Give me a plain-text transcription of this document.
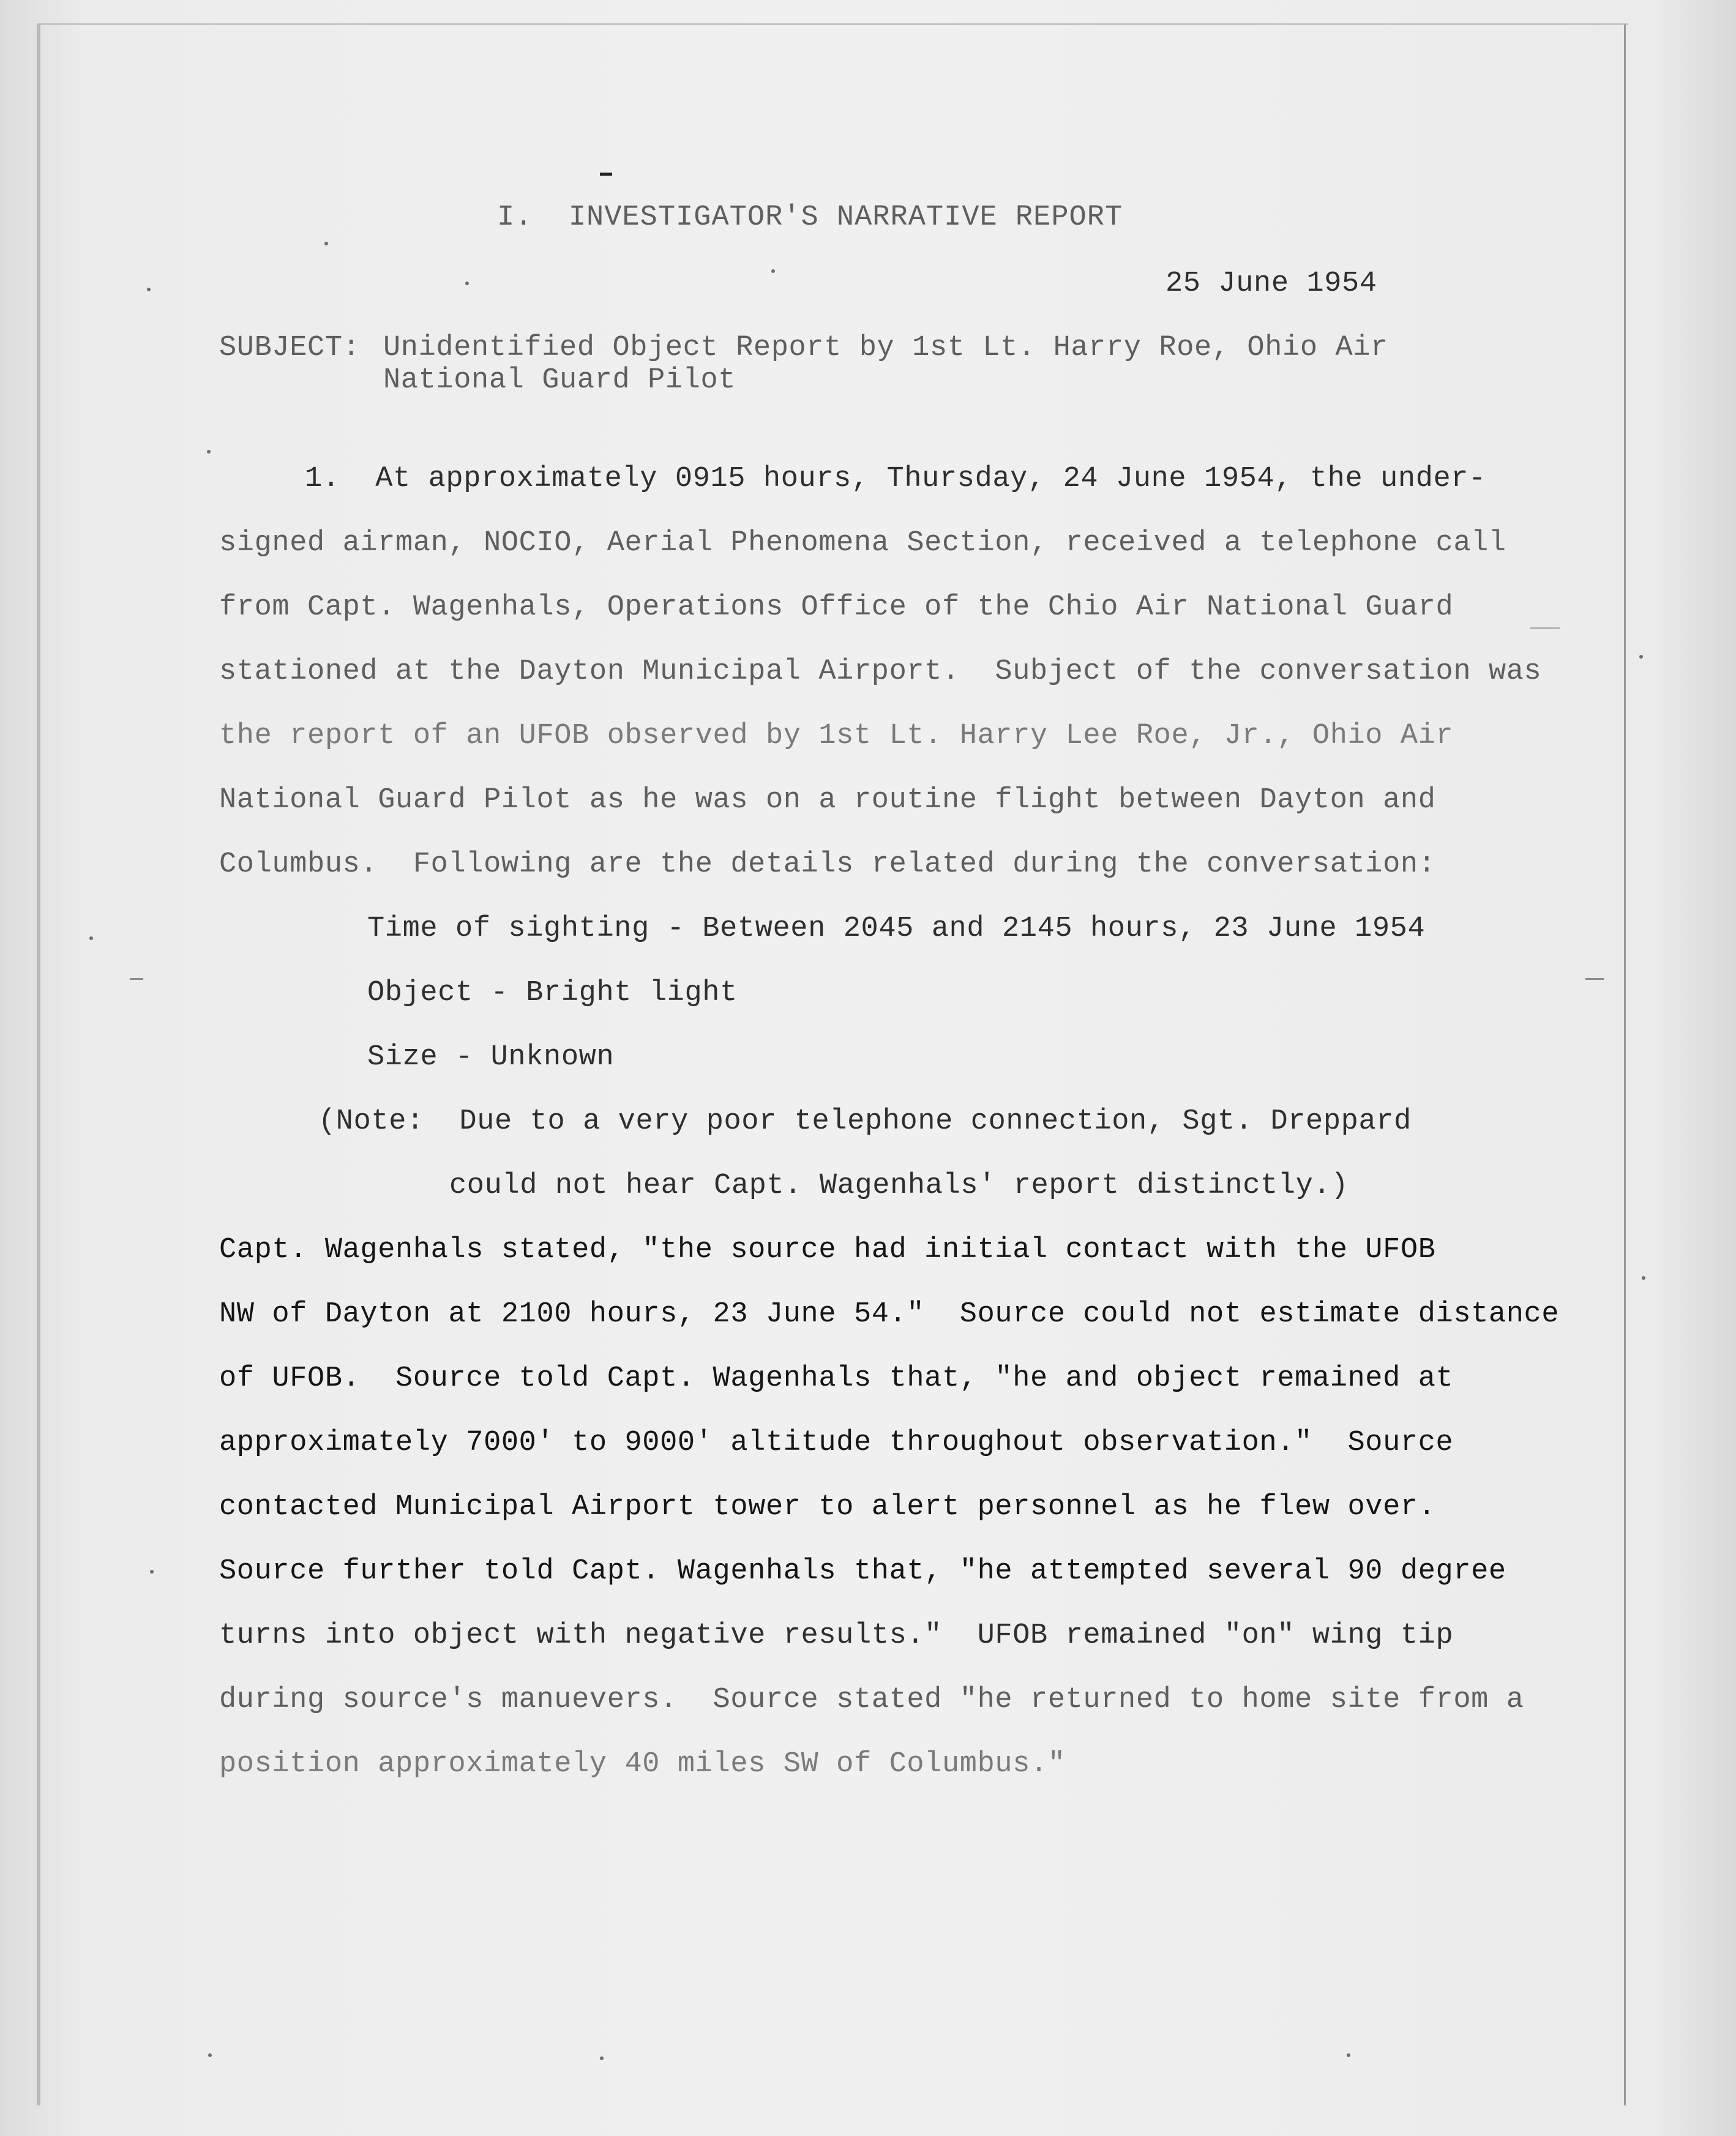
I.  INVESTIGATOR'S NARRATIVE REPORT
25 June 1954
SUBJECT: Unidentified Object Report by 1st Lt. Harry Roe, Ohio Air
National Guard Pilot
1.  At approximately 0915 hours, Thursday, 24 June 1954, the under-
signed airman, NOCIO, Aerial Phenomena Section, received a telephone call
from Capt. Wagenhals, Operations Office of the Chio Air National Guard
stationed at the Dayton Municipal Airport.  Subject of the conversation was
the report of an UFOB observed by 1st Lt. Harry Lee Roe, Jr., Ohio Air
National Guard Pilot as he was on a routine flight between Dayton and
Columbus.  Following are the details related during the conversation:
Time of sighting - Between 2045 and 2145 hours, 23 June 1954
Object - Bright light
Size - Unknown
(Note:  Due to a very poor telephone connection, Sgt. Dreppard
could not hear Capt. Wagenhals' report distinctly.)
Capt. Wagenhals stated, "the source had initial contact with the UFOB
NW of Dayton at 2100 hours, 23 June 54."  Source could not estimate distance
of UFOB.  Source told Capt. Wagenhals that, "he and object remained at
approximately 7000' to 9000' altitude throughout observation."  Source
contacted Municipal Airport tower to alert personnel as he flew over.
Source further told Capt. Wagenhals that, "he attempted several 90 degree
turns into object with negative results."  UFOB remained "on" wing tip
during source's manuevers.  Source stated "he returned to home site from a
position approximately 40 miles SW of Columbus."
